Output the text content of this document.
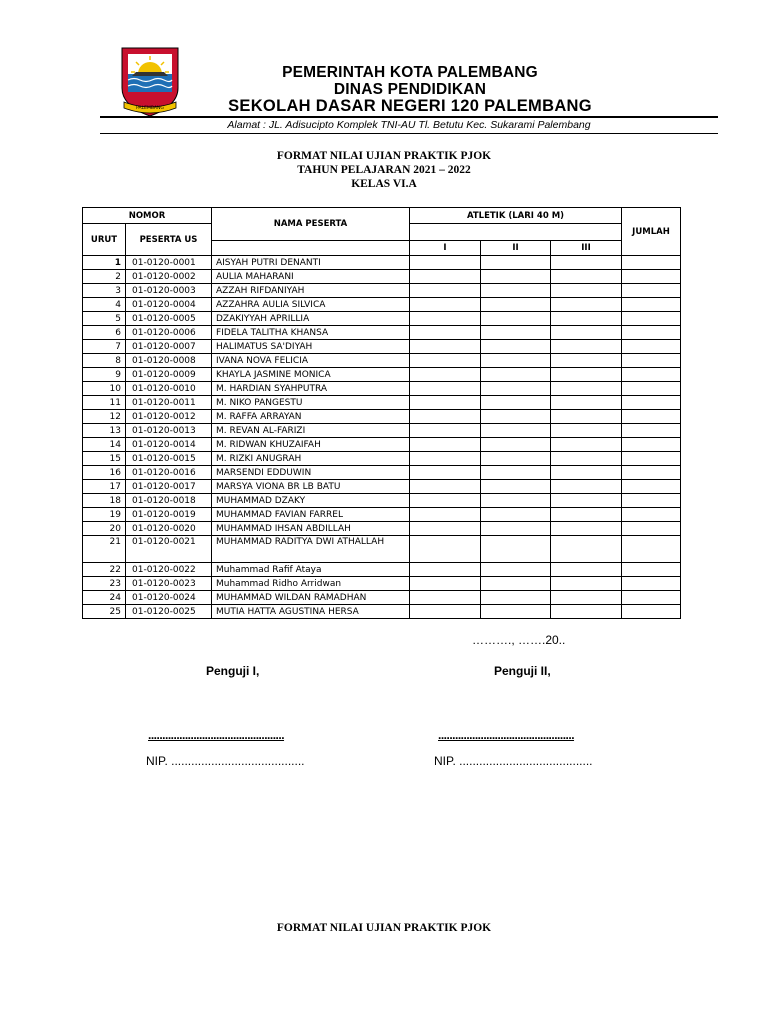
PALEMBANG
PEMERINTAH KOTA PALEMBANG
DINAS PENDIDIKAN
SEKOLAH DASAR NEGERI 120 PALEMBANG
Alamat : JL. Adisucipto Komplek TNI-AU Tl. Betutu Kec. Sukarami Palembang
FORMAT NILAI UJIAN PRAKTIK PJOK
TAHUN PELAJARAN 2021 – 2022
KELAS VI.A
NOMOR		NAMA PESERTA	ATLETIK (LARI 40 M)			JUMLAH
URUT	PESERTA US					
			I	II	III	
1	01-0120-0001	AISYAH PUTRI DENANTI				
2	01-0120-0002	AULIA MAHARANI				
3	01-0120-0003	AZZAH RIFDANIYAH				
4	01-0120-0004	AZZAHRA AULIA SILVICA				
5	01-0120-0005	DZAKIYYAH APRILLIA				
6	01-0120-0006	FIDELA TALITHA KHANSA				
7	01-0120-0007	HALIMATUS SA'DIYAH				
8	01-0120-0008	IVANA NOVA FELICIA				
9	01-0120-0009	KHAYLA JASMINE MONICA				
10	01-0120-0010	M. HARDIAN SYAHPUTRA				
11	01-0120-0011	M. NIKO PANGESTU				
12	01-0120-0012	M. RAFFA ARRAYAN				
13	01-0120-0013	M. REVAN AL-FARIZI				
14	01-0120-0014	M. RIDWAN KHUZAIFAH				
15	01-0120-0015	M. RIZKI ANUGRAH				
16	01-0120-0016	MARSENDI EDDUWIN				
17	01-0120-0017	MARSYA VIONA BR LB BATU				
18	01-0120-0018	MUHAMMAD DZAKY				
19	01-0120-0019	MUHAMMAD FAVIAN FARREL				
20	01-0120-0020	MUHAMMAD IHSAN ABDILLAH				
21	01-0120-0021	MUHAMMAD RADITYA DWI ATHALLAH				
22	01-0120-0022	Muhammad Rafif Ataya				
23	01-0120-0023	Muhammad Ridho Arridwan				
24	01-0120-0024	MUHAMMAD WILDAN RAMADHAN				
25	01-0120-0025	MUTIA HATTA AGUSTINA HERSA				
………., …….20..
Penguji I,	Penguji II,
................................................	................................................
NIP. ........................................	NIP. ........................................
FORMAT NILAI UJIAN PRAKTIK PJOK
